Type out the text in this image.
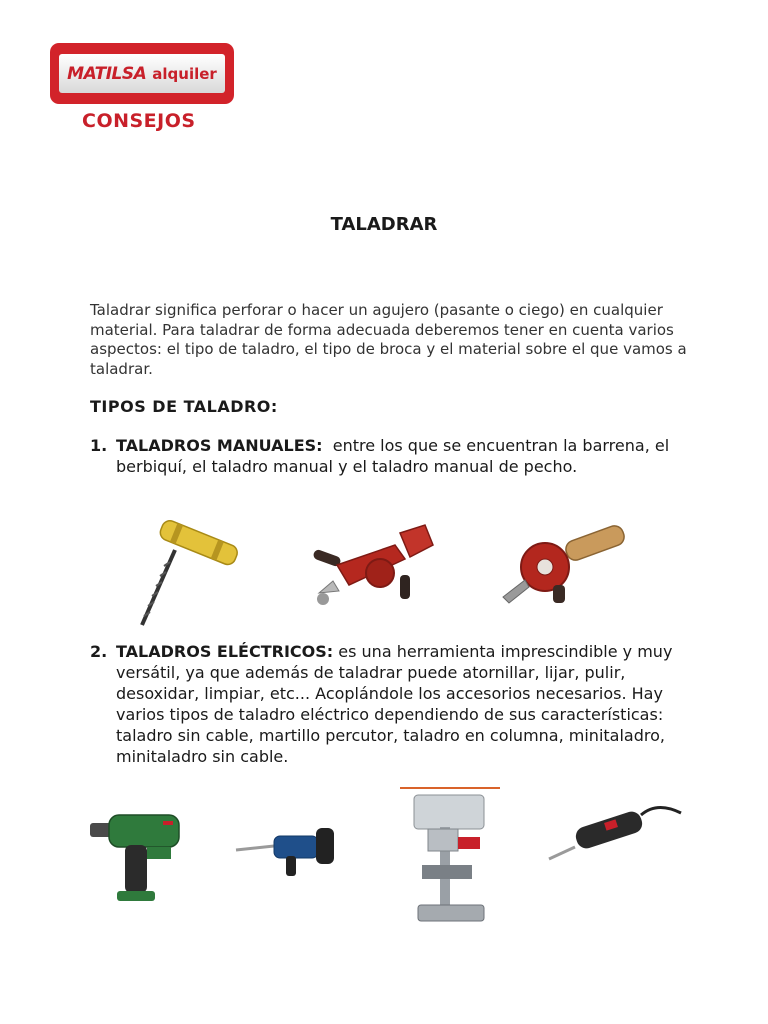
MATILSA alquiler
CONSEJOS
TALADRAR
Taladrar significa perforar o hacer un agujero (pasante o ciego) en cualquier material. Para taladrar de forma adecuada deberemos tener en cuenta varios aspectos: el tipo de taladro, el tipo de broca y el material sobre el que vamos a taladrar.
TIPOS DE TALADRO:
1. TALADROS MANUALES:  entre los que se encuentran la barrena, el berbiquí, el taladro manual y el taladro manual de pecho.
2. TALADROS ELÉCTRICOS: es una herramienta imprescindible y muy versátil, ya que además de taladrar puede atornillar, lijar, pulir, desoxidar, limpiar, etc... Acoplándole los accesorios necesarios. Hay varios tipos de taladro eléctrico dependiendo de sus características: taladro sin cable, martillo percutor, taladro en columna, minitaladro, minitaladro sin cable.
